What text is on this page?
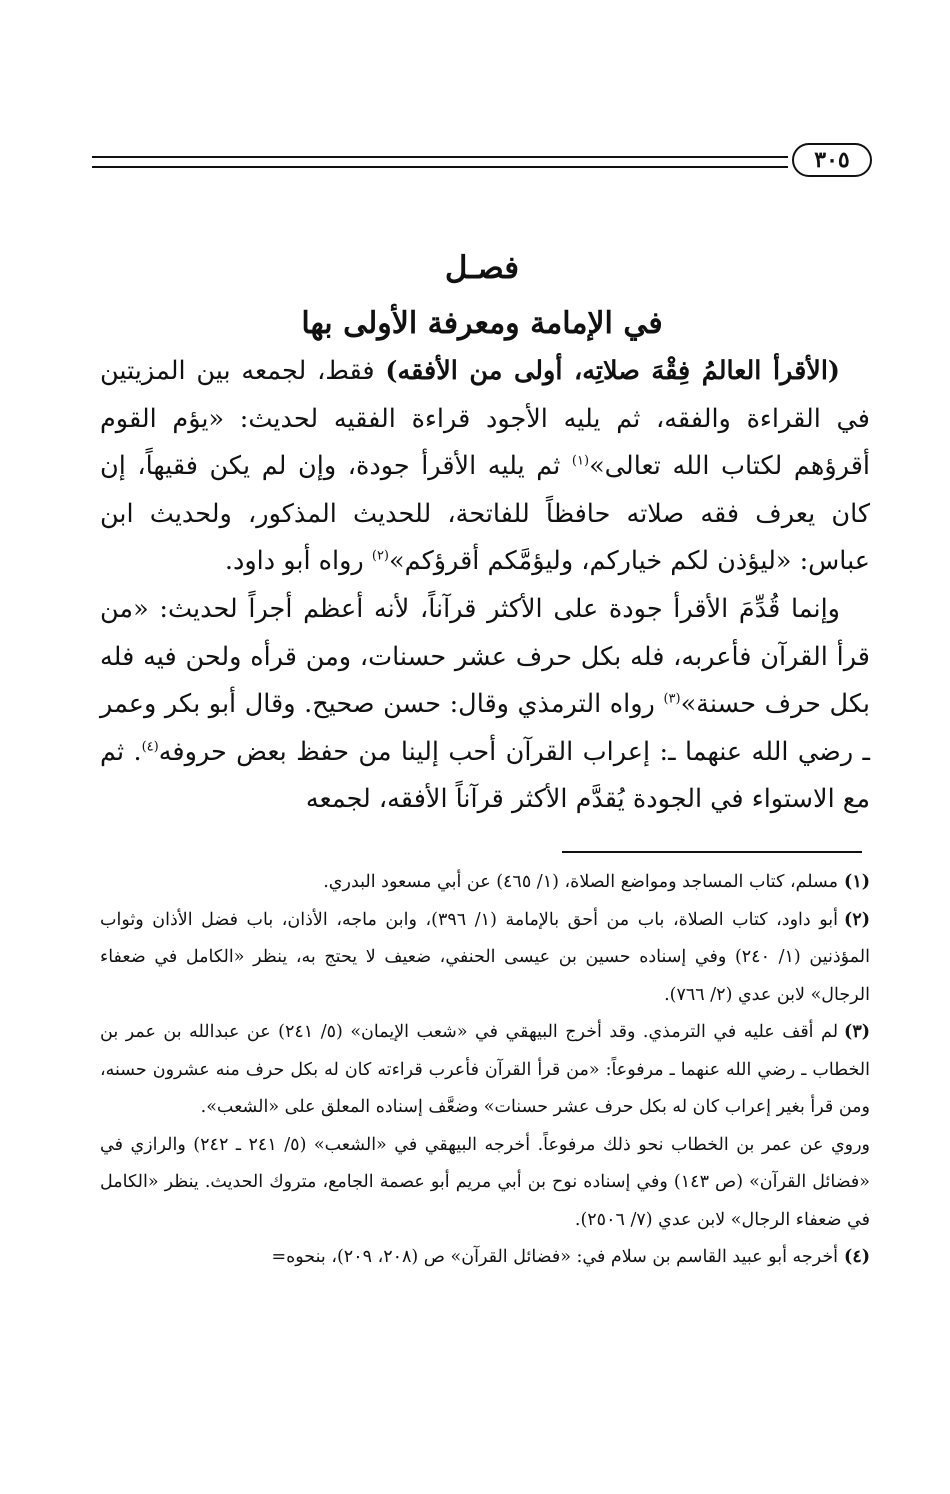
٣٠٥
فصـل
في الإمامة ومعرفة الأولى بها

(الأقرأ العالمُ فِقْهَ صلاتِه، أولى من الأفقه) فقط، لجمعه بين المزيتين في القراءة والفقه، ثم يليه الأجود قراءة الفقيه لحديث: «يؤم القوم أقرؤهم لكتاب الله تعالى»$^{(١)}$ ثم يليه الأقرأ جودة، وإن لم يكن فقيهاً، إن كان يعرف فقه صلاته حافظاً للفاتحة، للحديث المذكور، ولحديث ابن عباس: «ليؤذن لكم خياركم، وليؤمَّكم أقرؤكم»$^{(٢)}$ رواه أبو داود.

وإنما قُدِّمَ الأقرأ جودة على الأكثر قرآناً، لأنه أعظم أجراً لحديث: «من قرأ القرآن فأعربه، فله بكل حرف عشر حسنات، ومن قرأه ولحن فيه فله بكل حرف حسنة»$^{(٣)}$ رواه الترمذي وقال: حسن صحيح. وقال أبو بكر وعمر ـ رضي الله عنهما ـ: إعراب القرآن أحب إلينا من حفظ بعض حروفه$^{(٤)}$. ثم مع الاستواء في الجودة يُقدَّم الأكثر قرآناً الأفقه، لجمعه

(١)مسلم، كتاب المساجد ومواضع الصلاة، (١/ ٤٦٥) عن أبي مسعود البدري.

(٢)أبو داود، كتاب الصلاة، باب من أحق بالإمامة (١/ ٣٩٦)، وابن ماجه، الأذان، باب فضل الأذان وثواب المؤذنين (١/ ٢٤٠) وفي إسناده حسين بن عيسى الحنفي، ضعيف لا يحتج به، ينظر «الكامل في ضعفاء الرجال» لابن عدي (٢/ ٧٦٦).

(٣)لم أقف عليه في الترمذي. وقد أخرج البيهقي في «شعب الإيمان» (٥/ ٢٤١) عن عبدالله بن عمر بن الخطاب ـ رضي الله عنهما ـ مرفوعاً: «من قرأ القرآن فأعرب قراءته كان له بكل حرف منه عشرون حسنه، ومن قرأ بغير إعراب كان له بكل حرف عشر حسنات» وضعَّف إسناده المعلق على «الشعب».

وروي عن عمر بن الخطاب نحو ذلك مرفوعاً. أخرجه البيهقي في «الشعب» (٥/ ٢٤١ ـ ٢٤٢) والرازي في «فضائل القرآن» (ص ١٤٣) وفي إسناده نوح بن أبي مريم أبو عصمة الجامع، متروك الحديث. ينظر «الكامل في ضعفاء الرجال» لابن عدي (٧/ ٢٥٠٦).

(٤)أخرجه أبو عبيد القاسم بن سلام في: «فضائل القرآن» ص (٢٠٨، ٢٠٩)، بنحوه=
